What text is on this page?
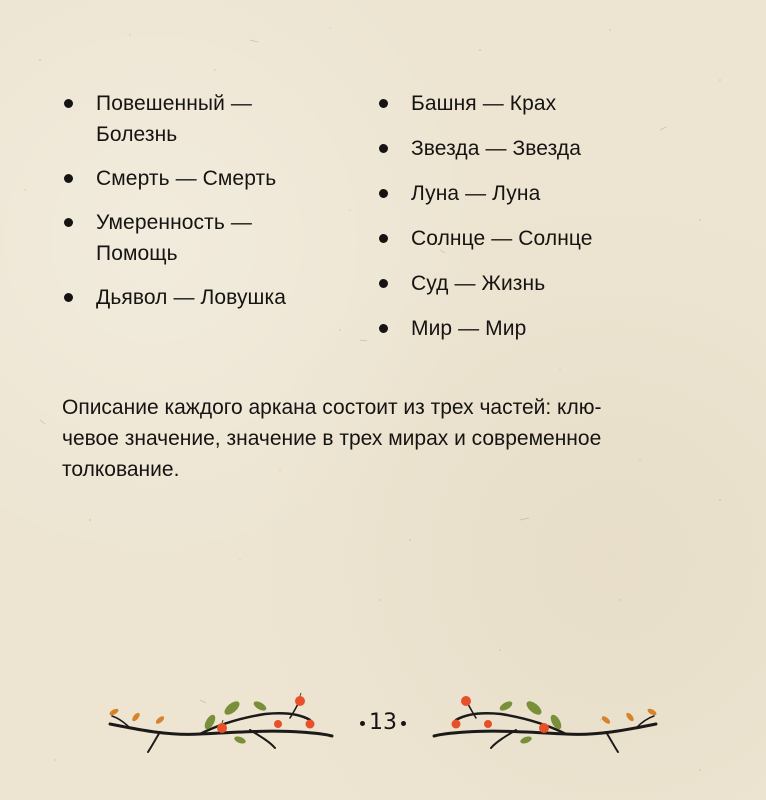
Повешенный —
Болезнь
Смерть — Смерть
Умеренность —
Помощь
Дьявол — Ловушка
Башня — Крах
Звезда — Звезда
Луна — Луна
Солнце — Солнце
Суд — Жизнь
Мир — Мир

Описание каждого аркана состоит из трех частей: клю-
чевое значение, значение в трех мирах и современное
толкование.

13
